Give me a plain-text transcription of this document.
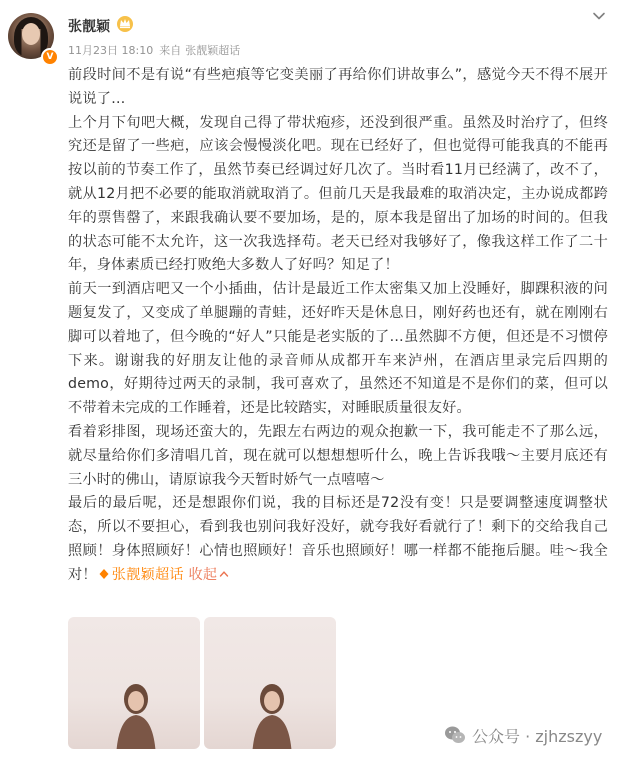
V
张靓颖
11月23日 18:10 来自 张靓颖超话

前段时间不是有说“有些疤痕等它变美丽了再给你们讲故事么”，感觉今天不得不展开说说了…

上个月下旬吧大概，发现自己得了带状疱疹，还没到很严重。虽然及时治疗了，但终究还是留了一些疤，应该会慢慢淡化吧。现在已经好了，但也觉得可能我真的不能再按以前的节奏工作了，虽然节奏已经调过好几次了。当时看11月已经满了，改不了，就从12月把不必要的能取消就取消了。但前几天是我最难的取消决定，主办说成都跨年的票售罄了，来跟我确认要不要加场，是的，原本我是留出了加场的时间的。但我的状态可能不太允许，这一次我选择苟。老天已经对我够好了，像我这样工作了二十年，身体素质已经打败绝大多数人了好吗？知足了！

前天一到酒店吧又一个小插曲，估计是最近工作太密集又加上没睡好，脚踝积液的问题复发了，又变成了单腿蹦的青蛙，还好昨天是休息日，刚好药也还有，就在刚刚右脚可以着地了，但今晚的“好人”只能是老实版的了…虽然脚不方便，但还是不习惯停下来。谢谢我的好朋友让他的录音师从成都开车来泸州，在酒店里录完后四期的demo，好期待过两天的录制，我可喜欢了，虽然还不知道是不是你们的菜，但可以不带着未完成的工作睡着，还是比较踏实，对睡眠质量很友好。

看着彩排图，现场还蛮大的，先跟左右两边的观众抱歉一下，我可能走不了那么远，就尽量给你们多清唱几首，现在就可以想想想听什么，晚上告诉我哦～主要月底还有三小时的佛山，请原谅我今天暂时娇气一点嘻嘻～

最后的最后呢，还是想跟你们说，我的目标还是72没有变！只是要调整速度调整状态，所以不要担心，看到我也别问我好没好，就夸我好看就行了！剩下的交给我自己照顾！身体照顾好！心情也照顾好！音乐也照顾好！哪一样都不能拖后腿。哇～我全对！ 张靓颖超话 收起

公众号 · zjhzszyy
